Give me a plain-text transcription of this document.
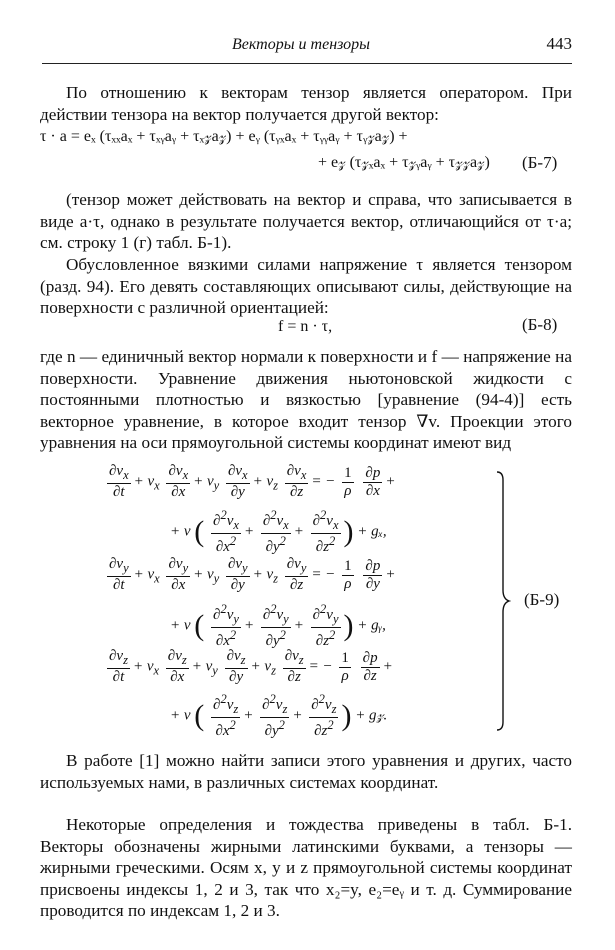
Векторы и тензоры	443

По отношению к векторам тензор является оператором. При действии тензора на вектор получается другой вектор:

τ · a = eₓ (τₓₓaₓ + τₓᵧaᵧ + τₓ𝓏a𝓏) + eᵧ (τᵧₓaₓ + τᵧᵧaᵧ + τᵧ𝓏a𝓏) +
+ e𝓏 (τ𝓏ₓaₓ + τ𝓏ᵧaᵧ + τ𝓏𝓏a𝓏) (Б-7)

(тензор может действовать на вектор и справа, что записывается в виде a·τ, однако в результате получается вектор, отличающийся от τ·a; см. строку 1 (г) табл. Б-1).

Обусловленное вязкими силами напряжение τ является тензором (разд. 94). Его девять составляющих описывают силы, действующие на поверхности с различной ориентацией:

f = n · τ,	(Б-8)

где n — единичный вектор нормали к поверхности и f — напряжение на поверхности. Уравнение движения ньютоновской жидкости с постоянными плотностью и вязкостью [уравнение (94-4)] есть векторное уравнение, в которое входит тензор ∇v. Проекции этого уравнения на оси прямоугольной системы координат имеют вид

$\frac{\partial v_x}{\partial t} + v_x \frac{\partial v_x}{\partial x} + v_y \frac{\partial v_x}{\partial y} + v_z \frac{\partial v_x}{\partial z}$ = − $\frac{1}{\rho}$
$\frac{\partial p}{\partial x}$ +
+ ν ( $\frac{\partial^2v_x}{\partial x^2} + \frac{\partial^2v_x}{\partial y^2} + \frac{\partial^2v_x}{\partial z^2}$ ) + gₓ,
$\frac{\partial v_y}{\partial t} + v_x \frac{\partial v_y}{\partial x} + v_y \frac{\partial v_y}{\partial y} + v_z \frac{\partial v_y}{\partial z}$ = − $\frac{1}{\rho}$
$\frac{\partial p}{\partial y}$ +
+ ν ( $\frac{\partial^2v_y}{\partial x^2} + \frac{\partial^2v_y}{\partial y^2} + \frac{\partial^2v_y}{\partial z^2}$ ) + gᵧ,
$\frac{\partial v_z}{\partial t} + v_x \frac{\partial v_z}{\partial x} + v_y \frac{\partial v_z}{\partial y} + v_z \frac{\partial v_z}{\partial z}$ = − $\frac{1}{\rho}$
$\frac{\partial p}{\partial z}$ +
+ ν ( $\frac{\partial^2v_z}{\partial x^2} + \frac{\partial^2v_z}{\partial y^2} + \frac{\partial^2v_z}{\partial z^2}$ ) + g𝓏.
(Б-9)

В работе [1] можно найти записи этого уравнения и других, часто используемых нами, в различных системах координат.

Некоторые определения и тождества приведены в табл. Б-1. Векторы обозначены жирными латинскими буквами, а тензоры — жирными греческими. Осям x, y и z прямоугольной системы координат присвоены индексы 1, 2 и 3, так что x₂=y, e₂=eᵧ и т. д. Суммирование проводится по индексам 1, 2 и 3.
